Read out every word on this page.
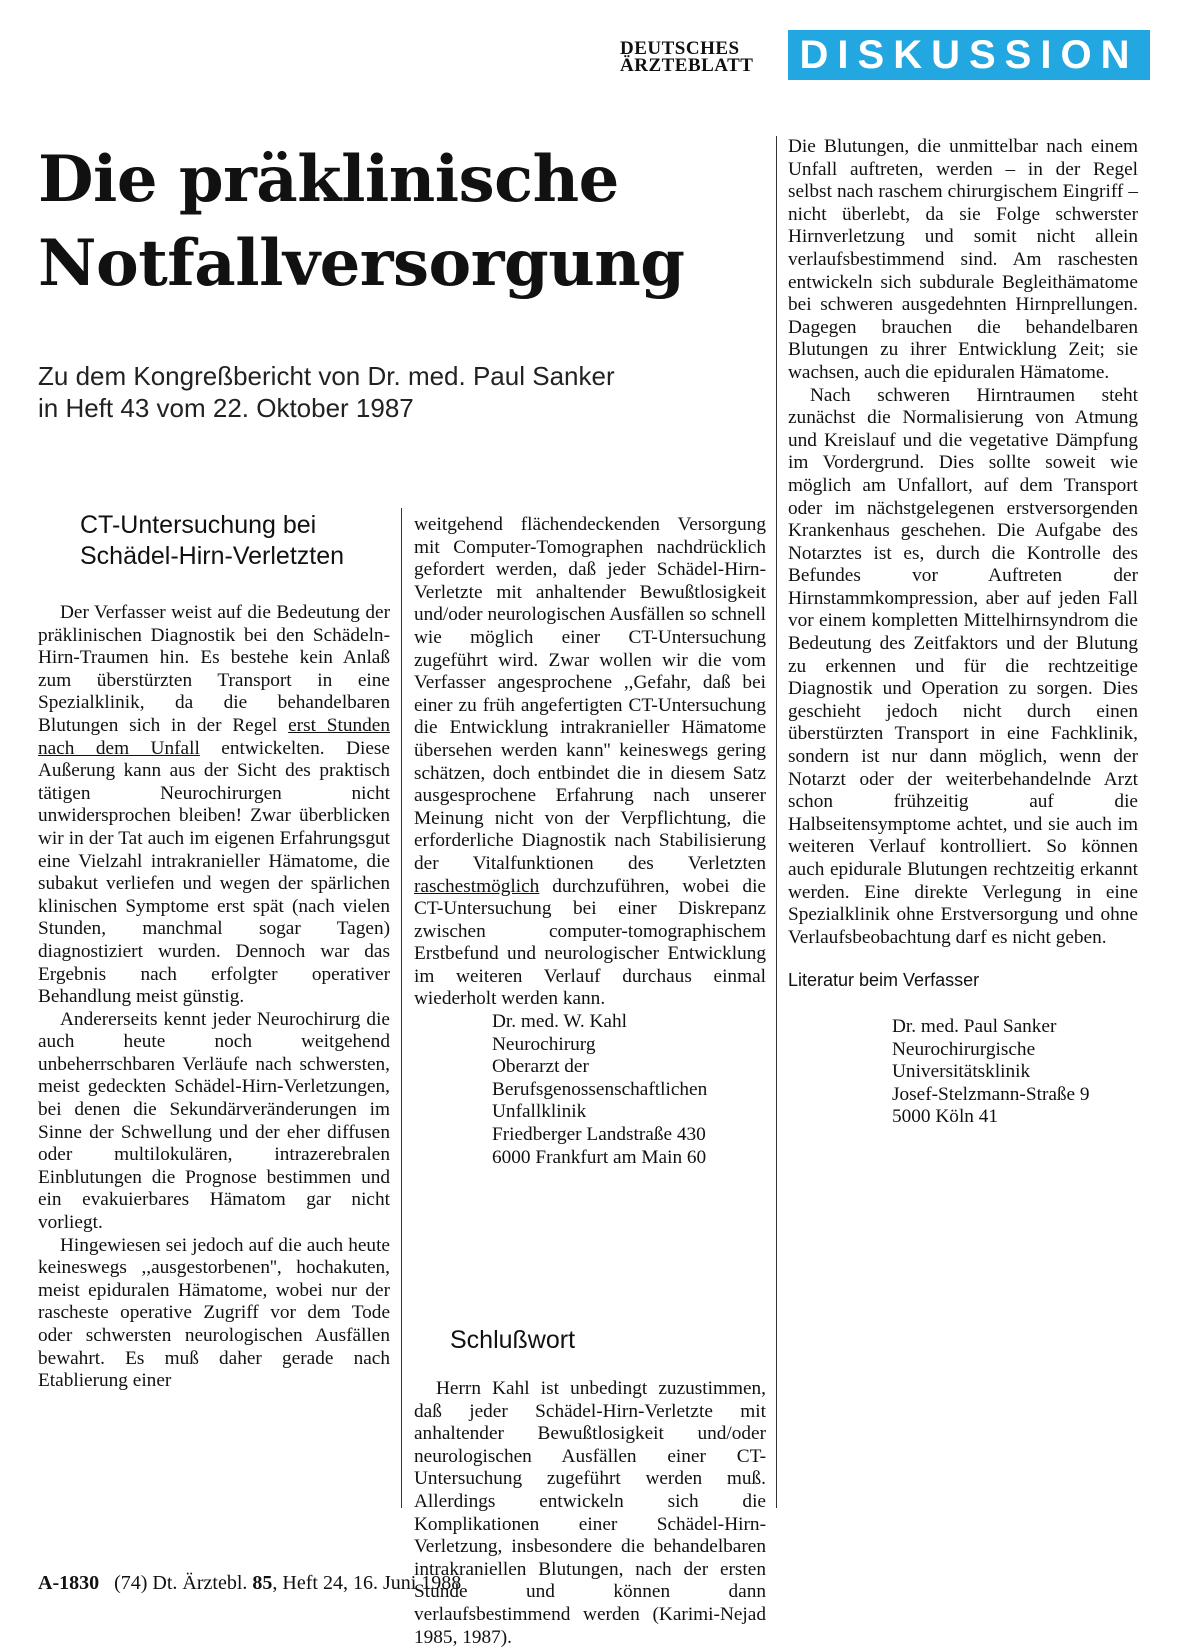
DEUTSCHES
ÄRZTEBLATT DISKUSSION
Die präklinische
Notfallversorgung
Zu dem Kongreßbericht von Dr. med. Paul Sanker
in Heft 43 vom 22. Oktober 1987
CT-Untersuchung bei
Schädel-Hirn-Verletzten

Der Verfasser weist auf die Bedeutung der präklinischen Diagnostik bei den Schädeln-Hirn-Traumen hin. Es bestehe kein Anlaß zum überstürzten Transport in eine Spezialklinik, da die behandelbaren Blutungen sich in der Regel erst Stunden nach dem Unfall entwickelten. Diese Außerung kann aus der Sicht des praktisch tätigen Neurochirurgen nicht unwidersprochen bleiben! Zwar überblicken wir in der Tat auch im eigenen Erfahrungsgut eine Vielzahl intrakranieller Hämatome, die subakut verliefen und wegen der spärlichen klinischen Symptome erst spät (nach vielen Stunden, manchmal sogar Tagen) diagnostiziert wurden. Dennoch war das Ergebnis nach erfolgter operativer Behandlung meist günstig.

Andererseits kennt jeder Neurochirurg die auch heute noch weitgehend unbeherrschbaren Verläufe nach schwersten, meist gedeckten Schädel-Hirn-Verletzungen, bei denen die Sekundärveränderungen im Sinne der Schwellung und der eher diffusen oder multilokulären, intrazerebralen Einblutungen die Prognose bestimmen und ein evakuierbares Hämatom gar nicht vorliegt.

Hingewiesen sei jedoch auf die auch heute keineswegs ,,ausgestorbenen'', hochakuten, meist epiduralen Hämatome, wobei nur der rascheste operative Zugriff vor dem Tode oder schwersten neurologischen Ausfällen bewahrt. Es muß daher gerade nach Etablierung einer

weitgehend flächendeckenden Versorgung mit Computer-Tomographen nachdrücklich gefordert werden, daß jeder Schädel-Hirn-Verletzte mit anhaltender Bewußtlosigkeit und/oder neurologischen Ausfällen so schnell wie möglich einer CT-Untersuchung zugeführt wird. Zwar wollen wir die vom Verfasser angesprochene ,,Gefahr, daß bei einer zu früh angefertigten CT-Untersuchung die Entwicklung intrakranieller Hämatome übersehen werden kann'' keineswegs gering schätzen, doch entbindet die in diesem Satz ausgesprochene Erfahrung nach unserer Meinung nicht von der Verpflichtung, die erforderliche Diagnostik nach Stabilisierung der Vitalfunktionen des Verletzten raschestmöglich durchzuführen, wobei die CT-Untersuchung bei einer Diskrepanz zwischen computer-tomographischem Erstbefund und neurologischer Entwicklung im weiteren Verlauf durchaus einmal wiederholt werden kann.

Dr. med. W. Kahl
Neurochirurg
Oberarzt der
Berufsgenossenschaftlichen
Unfallklinik
Friedberger Landstraße 430
6000 Frankfurt am Main 60
Schlußwort

Herrn Kahl ist unbedingt zuzustimmen, daß jeder Schädel-Hirn-Verletzte mit anhaltender Bewußtlosigkeit und/oder neurologischen Ausfällen einer CT-Untersuchung zugeführt werden muß. Allerdings entwickeln sich die Komplikationen einer Schädel-Hirn-Verletzung, insbesondere die behandelbaren intrakraniellen Blutungen, nach der ersten Stunde und können dann verlaufsbestimmend werden (Karimi-Nejad 1985, 1987).

Die Blutungen, die unmittelbar nach einem Unfall auftreten, werden – in der Regel selbst nach raschem chirurgischem Eingriff – nicht überlebt, da sie Folge schwerster Hirnverletzung und somit nicht allein verlaufsbestimmend sind. Am raschesten entwickeln sich subdurale Begleithämatome bei schweren ausgedehnten Hirnprellungen. Dagegen brauchen die behandelbaren Blutungen zu ihrer Entwicklung Zeit; sie wachsen, auch die epiduralen Hämatome.

Nach schweren Hirntraumen steht zunächst die Normalisierung von Atmung und Kreislauf und die vegetative Dämpfung im Vordergrund. Dies sollte soweit wie möglich am Unfallort, auf dem Transport oder im nächstgelegenen erstversorgenden Krankenhaus geschehen. Die Aufgabe des Notarztes ist es, durch die Kontrolle des Befundes vor Auftreten der Hirnstammkompression, aber auf jeden Fall vor einem kompletten Mittelhirnsyndrom die Bedeutung des Zeitfaktors und der Blutung zu erkennen und für die rechtzeitige Diagnostik und Operation zu sorgen. Dies geschieht jedoch nicht durch einen überstürzten Transport in eine Fachklinik, sondern ist nur dann möglich, wenn der Notarzt oder der weiterbehandelnde Arzt schon frühzeitig auf die Halbseitensymptome achtet, und sie auch im weiteren Verlauf kontrolliert. So können auch epidurale Blutungen rechtzeitig erkannt werden. Eine direkte Verlegung in eine Spezialklinik ohne Erstversorgung und ohne Verlaufsbeobachtung darf es nicht geben.

Literatur beim Verfasser
Dr. med. Paul Sanker
Neurochirurgische
Universitätsklinik
Josef-Stelzmann-Straße 9
5000 Köln 41
A-1830 (74) Dt. Ärztebl. 85, Heft 24, 16. Juni 1988
